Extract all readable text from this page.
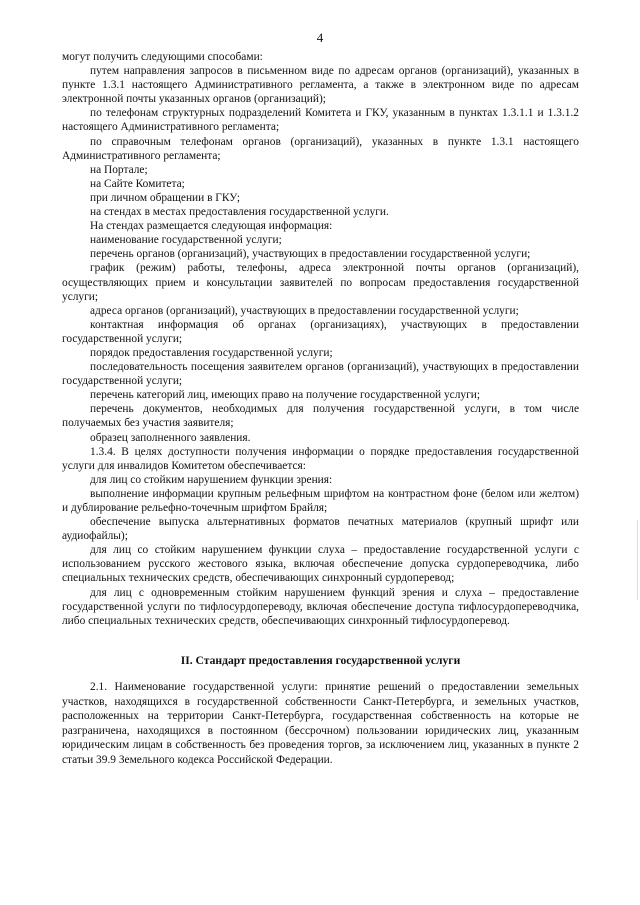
4

могут получить следующими способами:

путем направления запросов в письменном виде по адресам органов (организаций), указанных в пункте 1.3.1 настоящего Административного регламента, а также в электронном виде по адресам электронной почты указанных органов (организаций);

по телефонам структурных подразделений Комитета и ГКУ, указанным в пунктах 1.3.1.1 и 1.3.1.2 настоящего Административного регламента;

по справочным телефонам органов (организаций), указанных в пункте 1.3.1 настоящего Административного регламента;

на Портале;

на Сайте Комитета;

при личном обращении в ГКУ;

на стендах в местах предоставления государственной услуги.

На стендах размещается следующая информация:

наименование государственной услуги;

перечень органов (организаций), участвующих в предоставлении государственной услуги;

график (режим) работы, телефоны, адреса электронной почты органов (организаций), осуществляющих прием и консультации заявителей по вопросам предоставления государственной услуги;

адреса органов (организаций), участвующих в предоставлении государственной услуги;

контактная информация об органах (организациях), участвующих в предоставлении государственной услуги;

порядок предоставления государственной услуги;

последовательность посещения заявителем органов (организаций), участвующих в предоставлении государственной услуги;

перечень категорий лиц, имеющих право на получение государственной услуги;

перечень документов, необходимых для получения государственной услуги, в том числе получаемых без участия заявителя;

образец заполненного заявления.

1.3.4. В целях доступности получения информации о порядке предоставления государственной услуги для инвалидов Комитетом обеспечивается:

для лиц со стойким нарушением функции зрения:

выполнение информации крупным рельефным шрифтом на контрастном фоне (белом или желтом) и дублирование рельефно-точечным шрифтом Брайля;

обеспечение выпуска альтернативных форматов печатных материалов (крупный шрифт или аудиофайлы);

для лиц со стойким нарушением функции слуха – предоставление государственной услуги с использованием русского жестового языка, включая обеспечение допуска сурдопереводчика, либо специальных технических средств, обеспечивающих синхронный сурдоперевод;

для лиц с одновременным стойким нарушением функций зрения и слуха – предоставление государственной услуги по тифлосурдопереводу, включая обеспечение доступа тифлосурдопереводчика, либо специальных технических средств, обеспечивающих синхронный тифлосурдоперевод.

II. Стандарт предоставления государственной услуги

2.1. Наименование государственной услуги: принятие решений о предоставлении земельных участков, находящихся в государственной собственности Санкт-Петербурга, и земельных участков, расположенных на территории Санкт-Петербурга, государственная собственность на которые не разграничена, находящихся в постоянном (бессрочном) пользовании юридических лиц, указанным юридическим лицам в собственность без проведения торгов, за исключением лиц, указанных в пункте 2 статьи 39.9 Земельного кодекса Российской Федерации.
